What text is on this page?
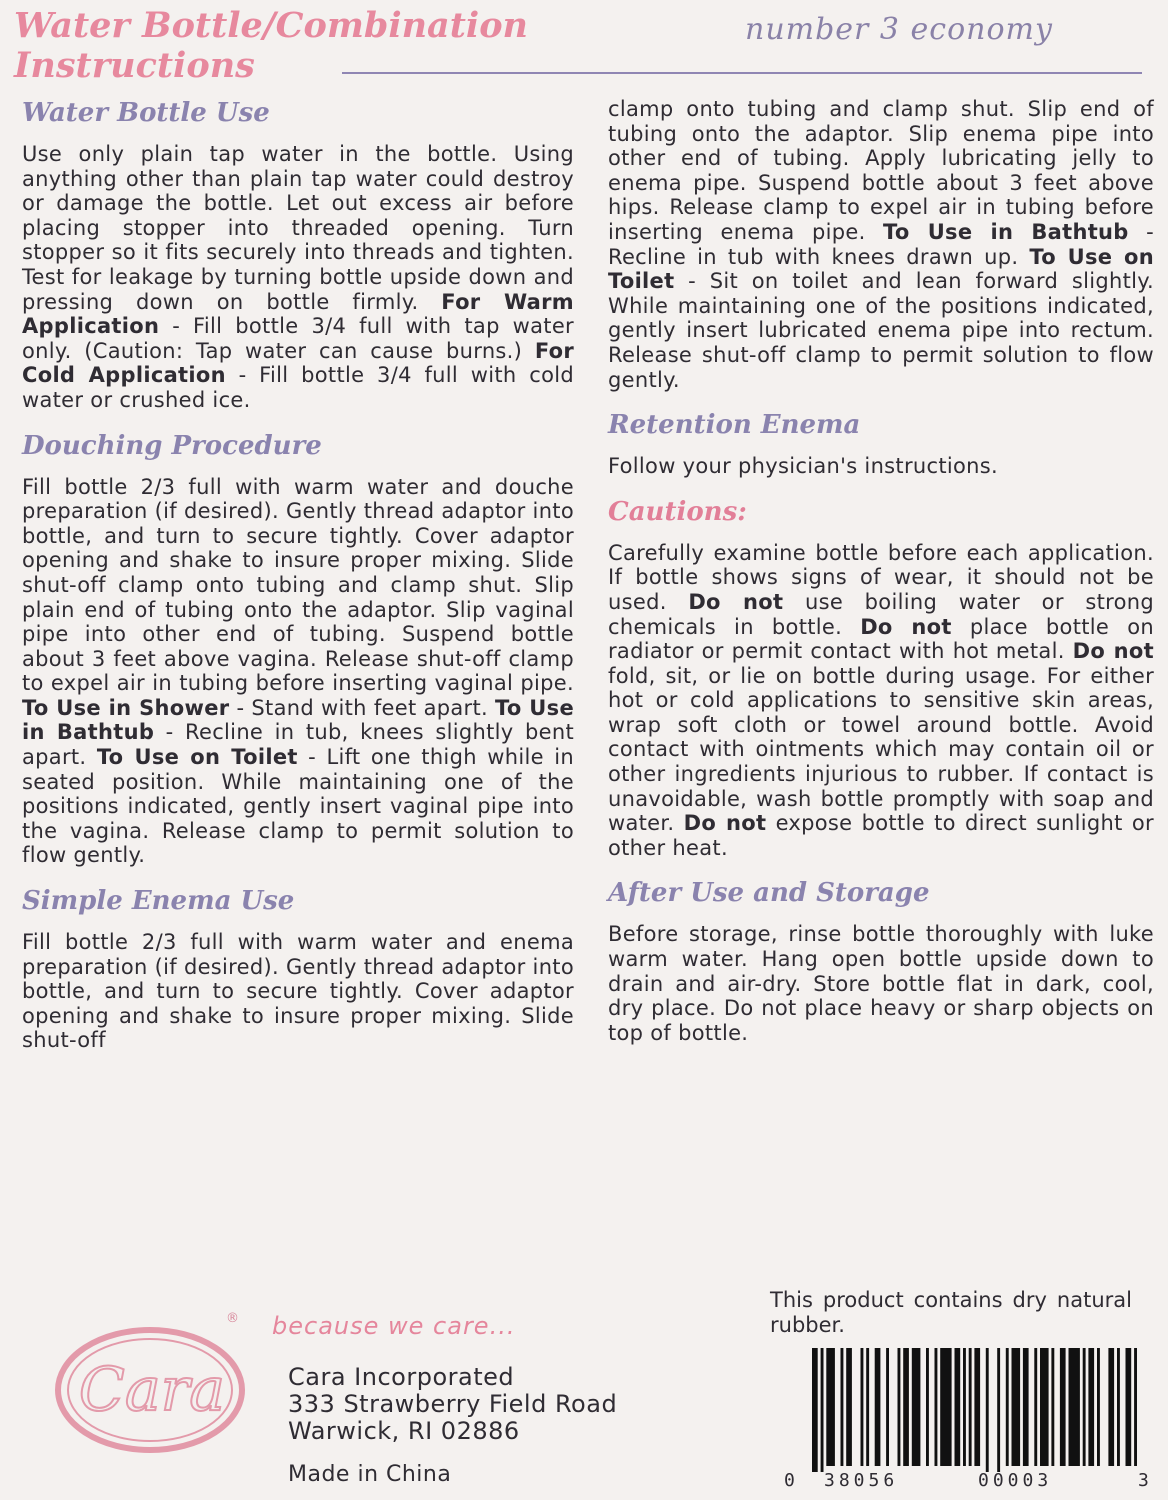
Water Bottle/Combination
Instructions

number 3 economy

Water Bottle Use

Use only plain tap water in the bottle. Using anything other than plain tap water could destroy or damage the bottle. Let out excess air before placing stopper into threaded opening. Turn stopper so it fits securely into threads and tighten. Test for leakage by turning bottle upside down and pressing down on bottle firmly. For Warm Application - Fill bottle 3/4 full with tap water only. (Caution: Tap water can cause burns.) For Cold Application - Fill bottle 3/4 full with cold water or crushed ice.

Douching Procedure

Fill bottle 2/3 full with warm water and douche preparation (if desired). Gently thread adaptor into bottle, and turn to secure tightly. Cover adaptor opening and shake to insure proper mixing. Slide shut-off clamp onto tubing and clamp shut. Slip plain end of tubing onto the adaptor. Slip vaginal pipe into other end of tubing. Suspend bottle about 3 feet above vagina. Release shut-off clamp to expel air in tubing before inserting vaginal pipe. To Use in Shower - Stand with feet apart. To Use in Bathtub - Recline in tub, knees slightly bent apart. To Use on Toilet - Lift one thigh while in seated position. While maintaining one of the positions indicated, gently insert vaginal pipe into the vagina. Release clamp to permit solution to flow gently.

Simple Enema Use

Fill bottle 2/3 full with warm water and enema preparation (if desired). Gently thread adaptor into bottle, and turn to secure tightly. Cover adaptor opening and shake to insure proper mixing. Slide shut-off

clamp onto tubing and clamp shut. Slip end of tubing onto the adaptor. Slip enema pipe into other end of tubing. Apply lubricating jelly to enema pipe. Suspend bottle about 3 feet above hips. Release clamp to expel air in tubing before inserting enema pipe. To Use in Bathtub - Recline in tub with knees drawn up. To Use on Toilet - Sit on toilet and lean forward slightly. While maintaining one of the positions indicated, gently insert lubricated enema pipe into rectum. Release shut-off clamp to permit solution to flow gently.

Retention Enema

Follow your physician's instructions.

Cautions:

Carefully examine bottle before each application. If bottle shows signs of wear, it should not be used. Do not use boiling water or strong chemicals in bottle. Do not place bottle on radiator or permit contact with hot metal. Do not fold, sit, or lie on bottle during usage. For either hot or cold applications to sensitive skin areas, wrap soft cloth or towel around bottle. Avoid contact with ointments which may contain oil or other ingredients injurious to rubber. If contact is unavoidable, wash bottle promptly with soap and water. Do not expose bottle to direct sunlight or other heat.

After Use and Storage

Before storage, rinse bottle thoroughly with luke warm water. Hang open bottle upside down to drain and air-dry. Store bottle flat in dark, cool, dry place. Do not place heavy or sharp objects on top of bottle.

This product contains dry natural rubber.

Cara
® because we care...

Cara Incorporated
333 Strawberry Field Road
Warwick, RI 02886

Made in China	0 38056	00003	3
